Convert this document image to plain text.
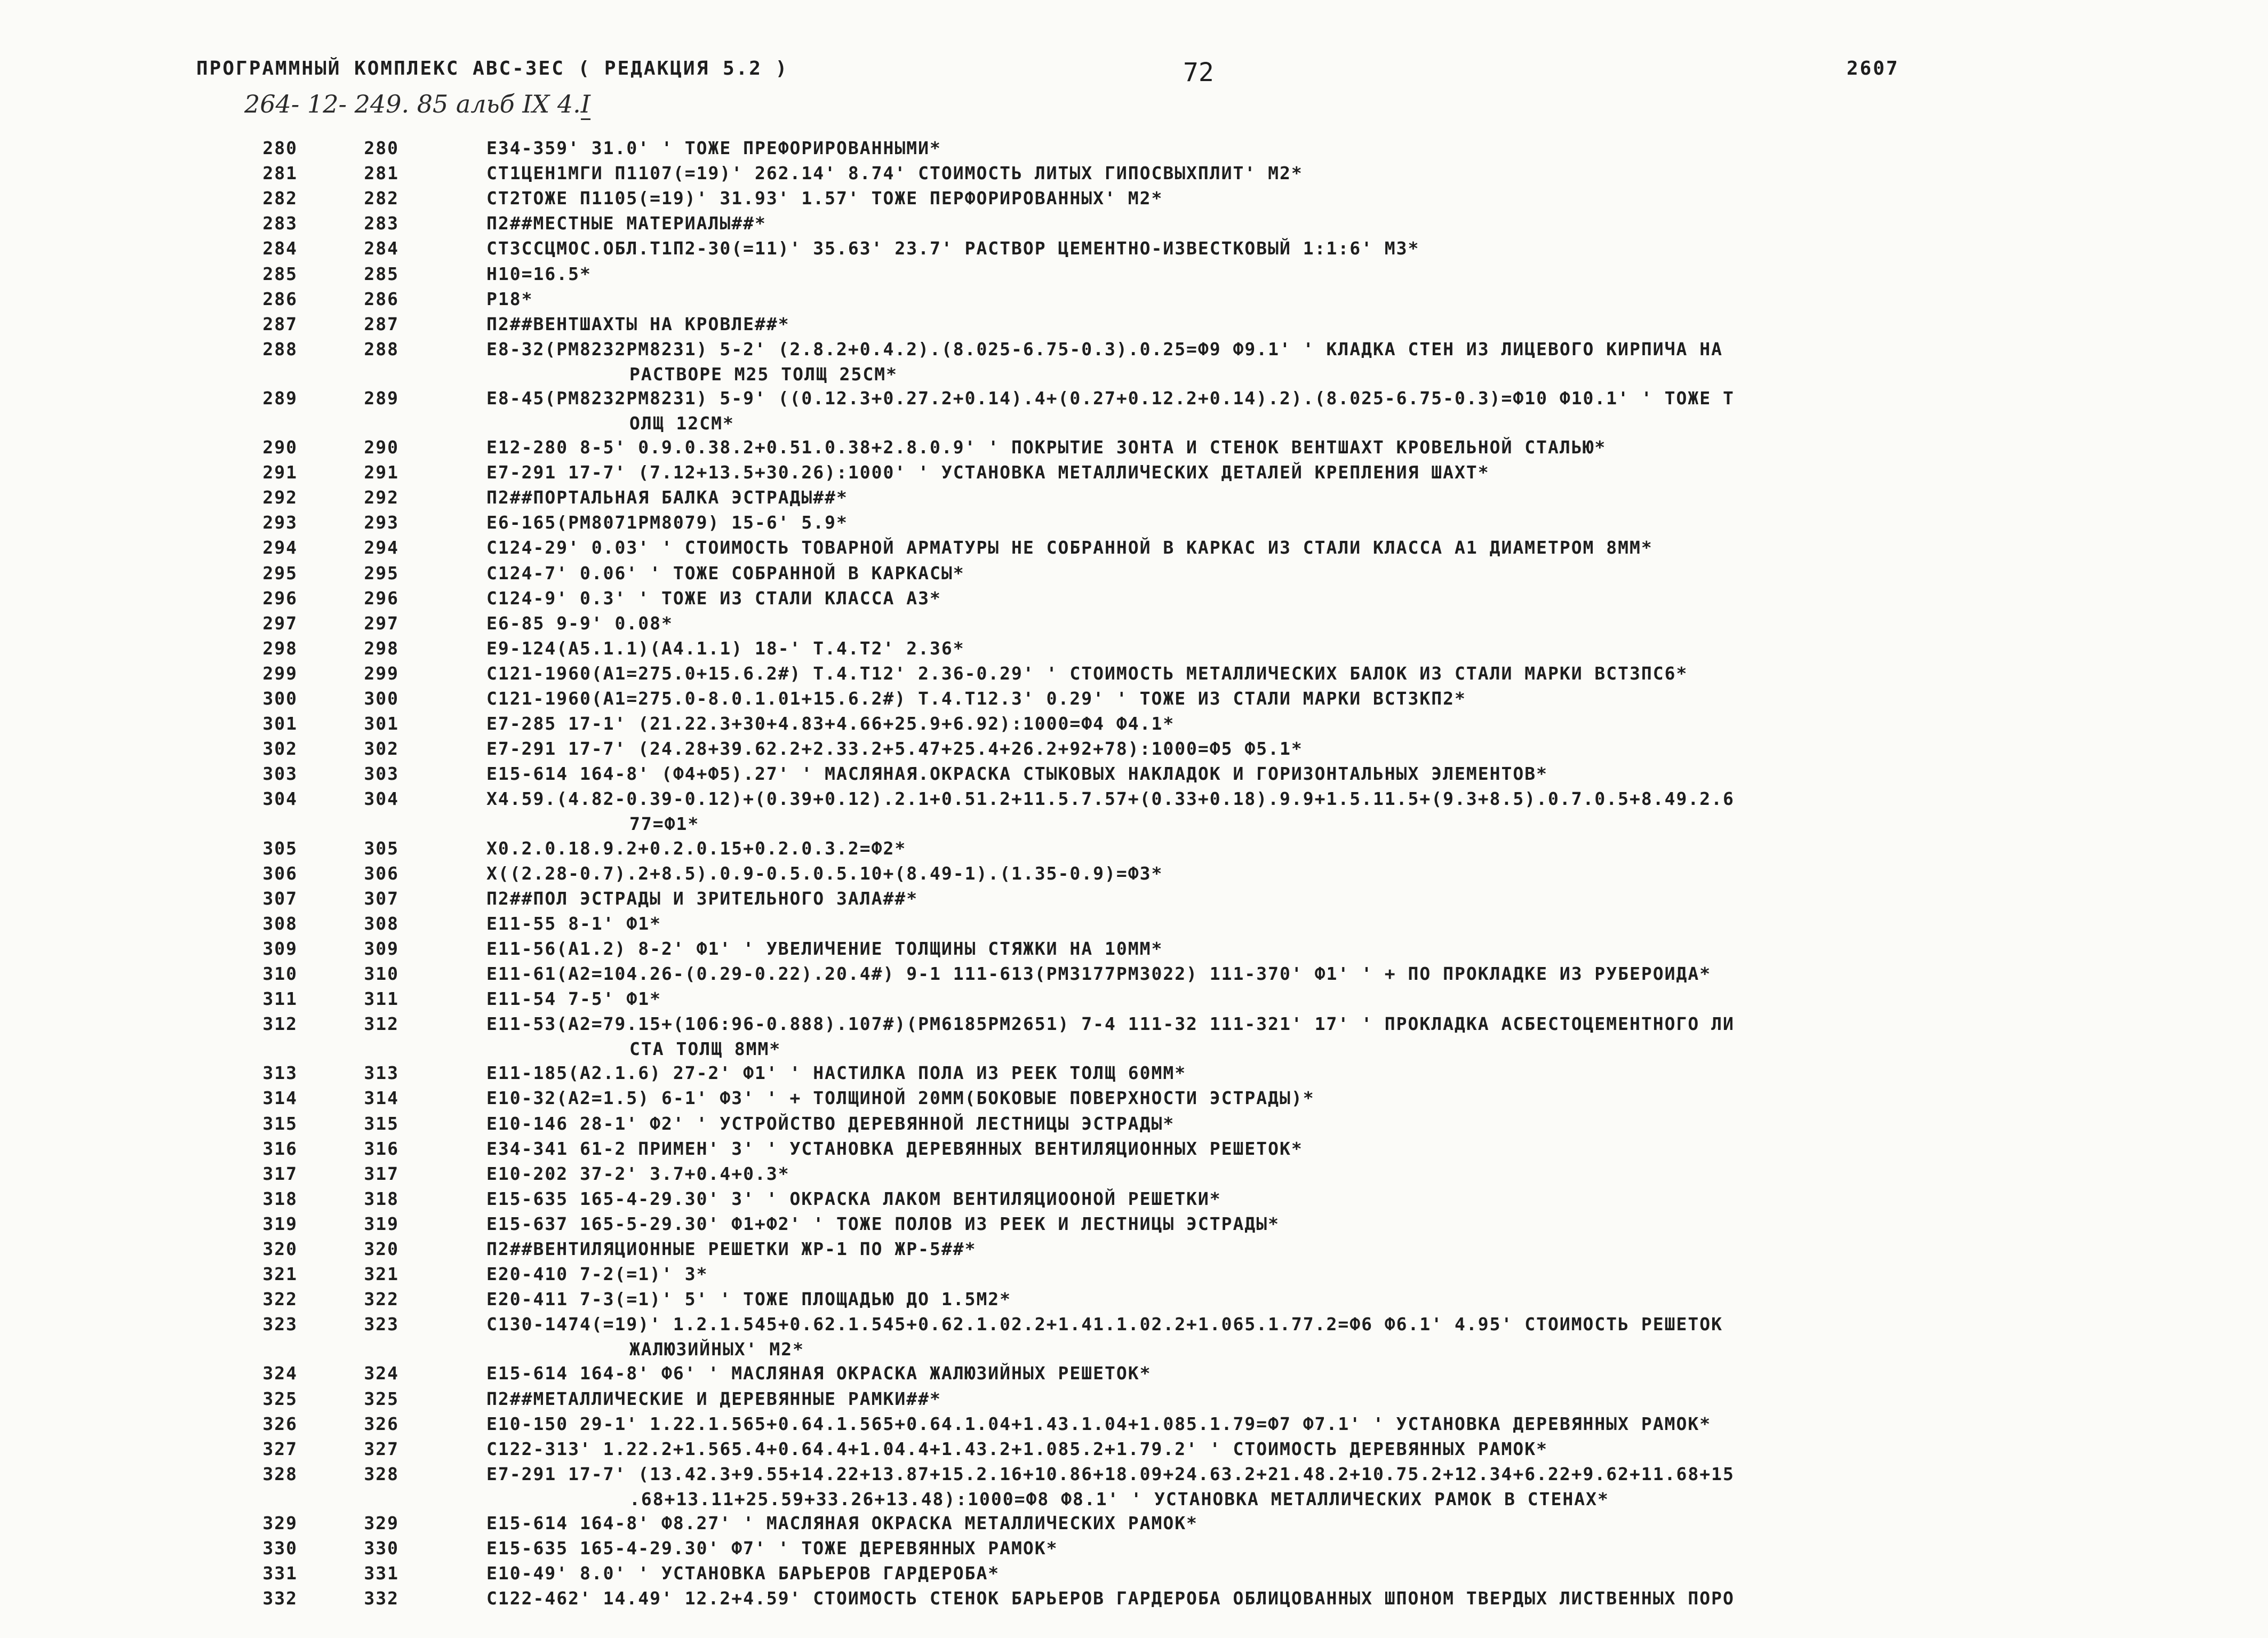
ПРОГРАММНЫЙ КОМПЛЕКС АВС-ЗЕС ( РЕДАКЦИЯ 5.2 )	72	2607
264- 12- 249. 85 альб IX 4.I
280	280	Е34-359' 31.0' ' ТОЖЕ ПРЕФОРИРОВАННЫМИ*
281	281	СТ1ЦЕН1МГИ П1107(=19)' 262.14' 8.74' СТОИМОСТЬ ЛИТЫХ ГИПОСВЫХПЛИТ' М2*
282	282	СТ2ТОЖЕ П1105(=19)' 31.93' 1.57' ТОЖЕ ПЕРФОРИРОВАННЫХ' М2*
283	283	П2##МЕСТНЫЕ МАТЕРИАЛЫ##*
284	284	СТ3ССЦМОС.ОБЛ.Т1П2-30(=11)' 35.63' 23.7' РАСТВОР ЦЕМЕНТНО-ИЗВЕСТКОВЫЙ 1:1:6' М3*
285	285	Н10=16.5*
286	286	Р18*
287	287	П2##ВЕНТШАХТЫ НА КРОВЛЕ##*
288	288	Е8-32(РМ8232РМ8231) 5-2' (2.8.2+0.4.2).(8.025-6.75-0.3).0.25=Ф9 Ф9.1' ' КЛАДКА СТЕН ИЗ ЛИЦЕВОГО КИРПИЧА НА
РАСТВОРЕ М25 ТОЛЩ 25СМ*
289	289	Е8-45(РМ8232РМ8231) 5-9' ((0.12.3+0.27.2+0.14).4+(0.27+0.12.2+0.14).2).(8.025-6.75-0.3)=Ф10 Ф10.1' ' ТОЖЕ Т
ОЛЩ 12СМ*
290	290	Е12-280 8-5' 0.9.0.38.2+0.51.0.38+2.8.0.9' ' ПОКРЫТИЕ ЗОНТА И СТЕНОК ВЕНТШАХТ КРОВЕЛЬНОЙ СТАЛЬЮ*
291	291	Е7-291 17-7' (7.12+13.5+30.26):1000' ' УСТАНОВКА МЕТАЛЛИЧЕСКИХ ДЕТАЛЕЙ КРЕПЛЕНИЯ ШАХТ*
292	292	П2##ПОРТАЛЬНАЯ БАЛКА ЭСТРАДЫ##*
293	293	Е6-165(РМ8071РМ8079) 15-6' 5.9*
294	294	С124-29' 0.03' ' СТОИМОСТЬ ТОВАРНОЙ АРМАТУРЫ НЕ СОБРАННОЙ В КАРКАС ИЗ СТАЛИ КЛАССА А1 ДИАМЕТРОМ 8ММ*
295	295	С124-7' 0.06' ' ТОЖЕ СОБРАННОЙ В КАРКАСЫ*
296	296	С124-9' 0.3' ' ТОЖЕ ИЗ СТАЛИ КЛАССА А3*
297	297	Е6-85 9-9' 0.08*
298	298	Е9-124(А5.1.1)(А4.1.1) 18-' Т.4.Т2' 2.36*
299	299	С121-1960(А1=275.0+15.6.2#) Т.4.Т12' 2.36-0.29' ' СТОИМОСТЬ МЕТАЛЛИЧЕСКИХ БАЛОК ИЗ СТАЛИ МАРКИ ВСТ3ПС6*
300	300	С121-1960(А1=275.0-8.0.1.01+15.6.2#) Т.4.Т12.3' 0.29' ' ТОЖЕ ИЗ СТАЛИ МАРКИ ВСТ3КП2*
301	301	Е7-285 17-1' (21.22.3+30+4.83+4.66+25.9+6.92):1000=Ф4 Ф4.1*
302	302	Е7-291 17-7' (24.28+39.62.2+2.33.2+5.47+25.4+26.2+92+78):1000=Ф5 Ф5.1*
303	303	Е15-614 164-8' (Ф4+Ф5).27' ' МАСЛЯНАЯ.ОКРАСКА СТЫКОВЫХ НАКЛАДОК И ГОРИЗОНТАЛЬНЫХ ЭЛЕМЕНТОВ*
304	304	Х4.59.(4.82-0.39-0.12)+(0.39+0.12).2.1+0.51.2+11.5.7.57+(0.33+0.18).9.9+1.5.11.5+(9.3+8.5).0.7.0.5+8.49.2.6
77=Ф1*
305	305	Х0.2.0.18.9.2+0.2.0.15+0.2.0.3.2=Ф2*
306	306	Х((2.28-0.7).2+8.5).0.9-0.5.0.5.10+(8.49-1).(1.35-0.9)=Ф3*
307	307	П2##ПОЛ ЭСТРАДЫ И ЗРИТЕЛЬНОГО ЗАЛА##*
308	308	Е11-55 8-1' Ф1*
309	309	Е11-56(А1.2) 8-2' Ф1' ' УВЕЛИЧЕНИЕ ТОЛЩИНЫ СТЯЖКИ НА 10ММ*
310	310	Е11-61(А2=104.26-(0.29-0.22).20.4#) 9-1 111-613(РМ3177РМ3022) 111-370' Ф1' ' + ПО ПРОКЛАДКЕ ИЗ РУБЕРОИДА*
311	311	Е11-54 7-5' Ф1*
312	312	Е11-53(А2=79.15+(106:96-0.888).107#)(РМ6185РМ2651) 7-4 111-32 111-321' 17' ' ПРОКЛАДКА АСБЕСТОЦЕМЕНТНОГО ЛИ
СТА ТОЛЩ 8ММ*
313	313	Е11-185(А2.1.6) 27-2' Ф1' ' НАСТИЛКА ПОЛА ИЗ РЕЕК ТОЛЩ 60ММ*
314	314	Е10-32(А2=1.5) 6-1' Ф3' ' + ТОЛЩИНОЙ 20ММ(БОКОВЫЕ ПОВЕРХНОСТИ ЭСТРАДЫ)*
315	315	Е10-146 28-1' Ф2' ' УСТРОЙСТВО ДЕРЕВЯННОЙ ЛЕСТНИЦЫ ЭСТРАДЫ*
316	316	Е34-341 61-2 ПРИМЕН' 3' ' УСТАНОВКА ДЕРЕВЯННЫХ ВЕНТИЛЯЦИОННЫХ РЕШЕТОК*
317	317	Е10-202 37-2' 3.7+0.4+0.3*
318	318	Е15-635 165-4-29.30' 3' ' ОКРАСКА ЛАКОМ ВЕНТИЛЯЦИООНОЙ РЕШЕТКИ*
319	319	Е15-637 165-5-29.30' Ф1+Ф2' ' ТОЖЕ ПОЛОВ ИЗ РЕЕК И ЛЕСТНИЦЫ ЭСТРАДЫ*
320	320	П2##ВЕНТИЛЯЦИОННЫЕ РЕШЕТКИ ЖР-1 ПО ЖР-5##*
321	321	Е20-410 7-2(=1)' 3*
322	322	Е20-411 7-3(=1)' 5' ' ТОЖЕ ПЛОЩАДЬЮ ДО 1.5М2*
323	323	С130-1474(=19)' 1.2.1.545+0.62.1.545+0.62.1.02.2+1.41.1.02.2+1.065.1.77.2=Ф6 Ф6.1' 4.95' СТОИМОСТЬ РЕШЕТОК
ЖАЛЮЗИЙНЫХ' М2*
324	324	Е15-614 164-8' Ф6' ' МАСЛЯНАЯ ОКРАСКА ЖАЛЮЗИЙНЫХ РЕШЕТОК*
325	325	П2##МЕТАЛЛИЧЕСКИЕ И ДЕРЕВЯННЫЕ РАМКИ##*
326	326	Е10-150 29-1' 1.22.1.565+0.64.1.565+0.64.1.04+1.43.1.04+1.085.1.79=Ф7 Ф7.1' ' УСТАНОВКА ДЕРЕВЯННЫХ РАМОК*
327	327	С122-313' 1.22.2+1.565.4+0.64.4+1.04.4+1.43.2+1.085.2+1.79.2' ' СТОИМОСТЬ ДЕРЕВЯННЫХ РАМОК*
328	328	Е7-291 17-7' (13.42.3+9.55+14.22+13.87+15.2.16+10.86+18.09+24.63.2+21.48.2+10.75.2+12.34+6.22+9.62+11.68+15
.68+13.11+25.59+33.26+13.48):1000=Ф8 Ф8.1' ' УСТАНОВКА МЕТАЛЛИЧЕСКИХ РАМОК В СТЕНАХ*
329	329	Е15-614 164-8' Ф8.27' ' МАСЛЯНАЯ ОКРАСКА МЕТАЛЛИЧЕСКИХ РАМОК*
330	330	Е15-635 165-4-29.30' Ф7' ' ТОЖЕ ДЕРЕВЯННЫХ РАМОК*
331	331	Е10-49' 8.0' ' УСТАНОВКА БАРЬЕРОВ ГАРДЕРОБА*
332	332	С122-462' 14.49' 12.2+4.59' СТОИМОСТЬ СТЕНОК БАРЬЕРОВ ГАРДЕРОБА ОБЛИЦОВАННЫХ ШПОНОМ ТВЕРДЫХ ЛИСТВЕННЫХ ПОРО
